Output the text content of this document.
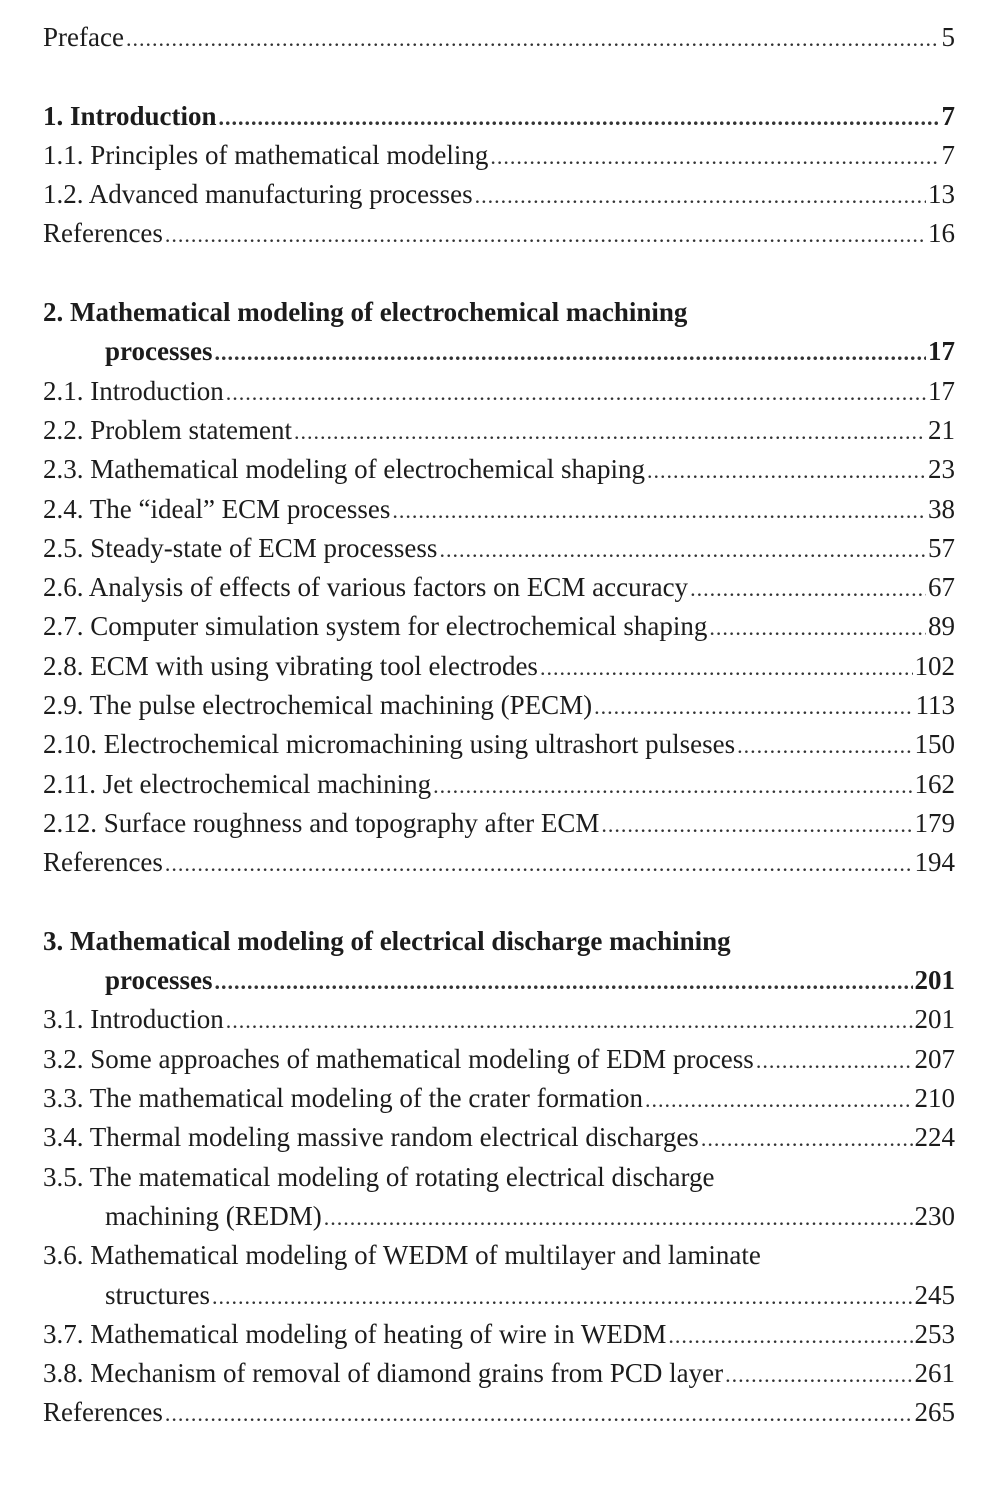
Preface .....	5
1. Introduction .....	7
1.1. Principles of mathematical modeling .....	7
1.2. Advanced manufacturing processes .....	13
References .....	16
2. Mathematical modeling of electrochemical machining
processes .....	17
2.1. Introduction .....	17
2.2. Problem statement .....	21
2.3. Mathematical modeling of electrochemical shaping .....	23
2.4. The “ideal” ECM processes .....	38
2.5. Steady-state of ECM processess .....	57
2.6. Analysis of effects of various factors on ECM accuracy .....	67
2.7. Computer simulation system for electrochemical shaping .....	89
2.8. ECM with using vibrating tool electrodes .....	102
2.9. The pulse electrochemical machining (PECM) .....	113
2.10. Electrochemical micromachining using ultrashort pulseses .....	150
2.11. Jet electrochemical machining .....	162
2.12. Surface roughness and topography after ECM .....	179
References .....	194
3. Mathematical modeling of electrical discharge machining
processes .....	201
3.1. Introduction .....	201
3.2. Some approaches of mathematical modeling of EDM process .....	207
3.3. The mathematical modeling of the crater formation .....	210
3.4. Thermal modeling massive random electrical discharges .....	224
3.5. The matematical modeling of rotating electrical discharge
machining (REDM) .....	230
3.6. Mathematical modeling of WEDM of multilayer and laminate
structures .....	245
3.7. Mathematical modeling of heating of wire in WEDM .....	253
3.8. Mechanism of removal of diamond grains from PCD layer .....	261
References .....	265
